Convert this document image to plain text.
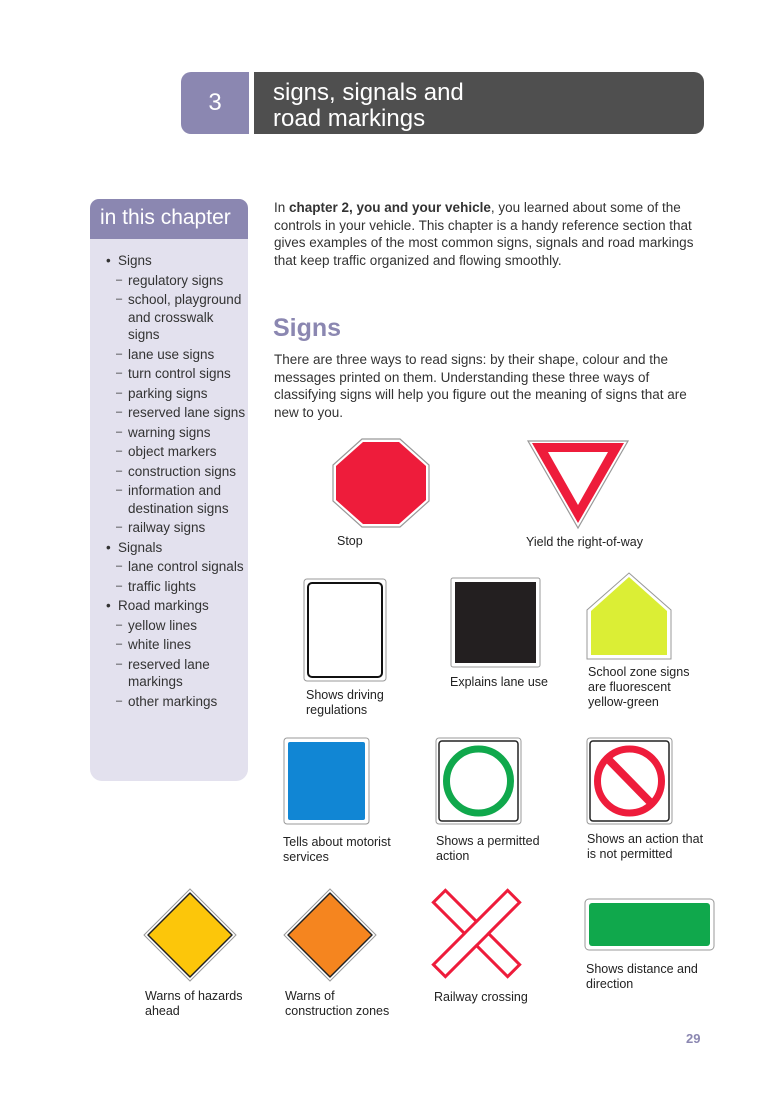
3	signs, signals and
road markings
in this chapter
• Signs
– regulatory signs
– school, playground and crosswalk signs
– lane use signs
– turn control signs
– parking signs
– reserved lane signs
– warning signs
– object markers
– construction signs
– information and destination signs
– railway signs
• Signals
– lane control signals
– traffic lights
• Road markings
– yellow lines
– white lines
– reserved lane markings
– other markings
In chapter 2, you and your vehicle, you learned about some of the controls in your vehicle. This chapter is a handy reference section that gives examples of the most common signs, signals and road markings that keep traffic organized and flowing smoothly.
Signs
There are three ways to read signs: by their shape, colour and the messages printed on them. Understanding these three ways of classifying signs will help you figure out the meaning of signs that are new to you.
Stop	Yield the right-of-way
Shows driving regulations
Explains lane use
School zone signs are fluorescent yellow-green
Tells about motorist services
Shows a permitted action
Shows an action that is not permitted
Warns of hazards ahead
Warns of construction zones
Railway crossing
Shows distance and direction
29
